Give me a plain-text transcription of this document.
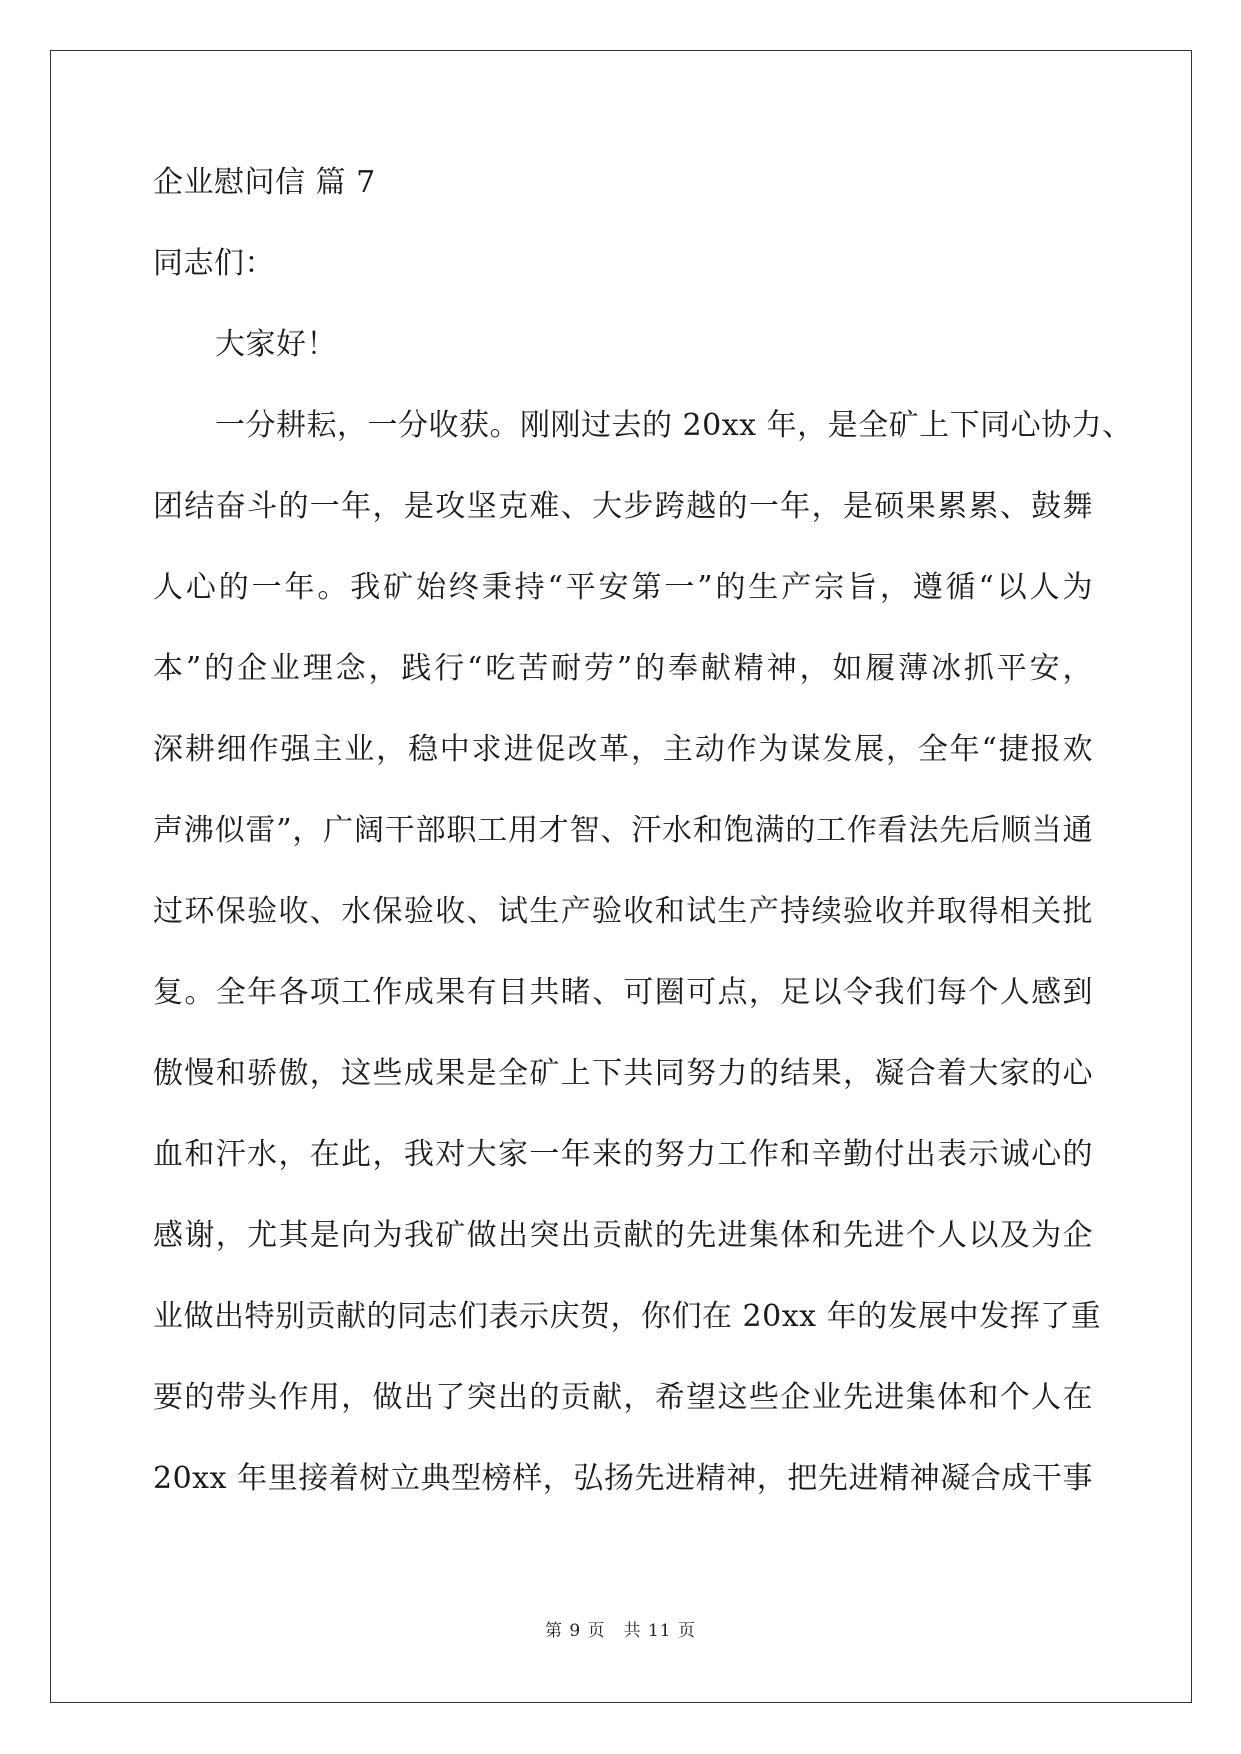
企业慰问信 篇 7
同志们：
大家好！
一分耕耘，一分收获。刚刚过去的 20xx 年，是全矿上下同心协力、
团结奋斗的一年，是攻坚克难、大步跨越的一年，是硕果累累、鼓舞
人心的一年。我矿始终秉持“平安第一”的生产宗旨，遵循“以人为
本”的企业理念，践行“吃苦耐劳”的奉献精神，如履薄冰抓平安，
深耕细作强主业，稳中求进促改革，主动作为谋发展，全年“捷报欢
声沸似雷”，广阔干部职工用才智、汗水和饱满的工作看法先后顺当通
过环保验收、水保验收、试生产验收和试生产持续验收并取得相关批
复。全年各项工作成果有目共睹、可圈可点，足以令我们每个人感到
傲慢和骄傲，这些成果是全矿上下共同努力的结果，凝合着大家的心
血和汗水，在此，我对大家一年来的努力工作和辛勤付出表示诚心的
感谢，尤其是向为我矿做出突出贡献的先进集体和先进个人以及为企
业做出特别贡献的同志们表示庆贺，你们在 20xx 年的发展中发挥了重
要的带头作用，做出了突出的贡献，希望这些企业先进集体和个人在
20xx 年里接着树立典型榜样，弘扬先进精神，把先进精神凝合成干事
第 9 页　共 11 页
